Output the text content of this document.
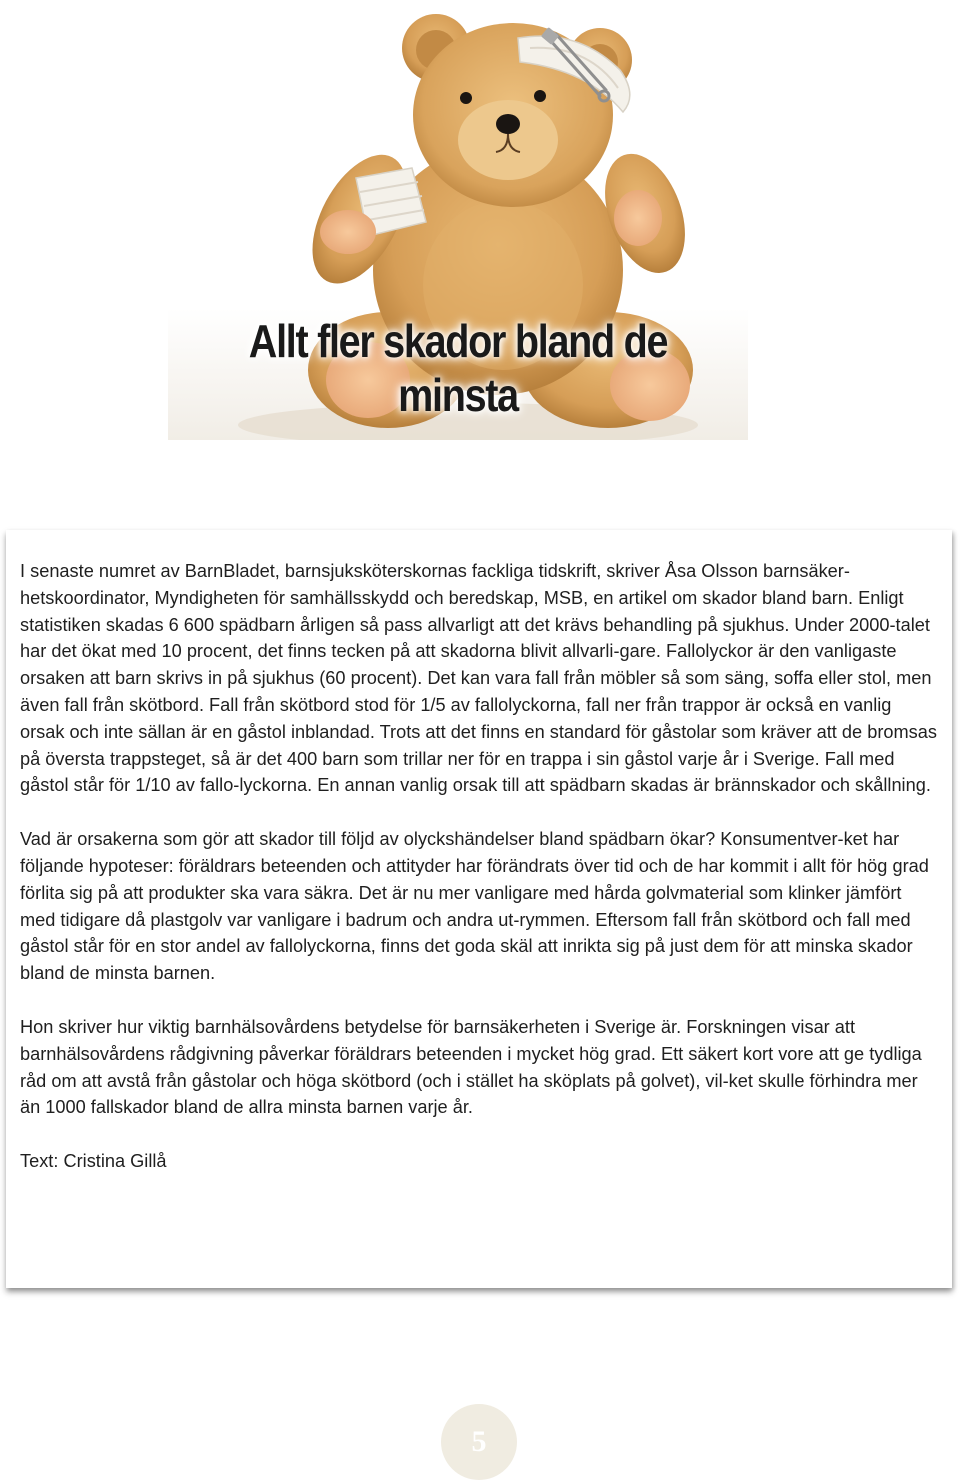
Allt fler skador bland de minsta

I senaste numret av BarnBladet, barnsjuksköterskornas fackliga tidskrift, skriver Åsa Olsson barnsäker-hetskoordinator, Myndigheten för samhällsskydd och beredskap, MSB, en artikel om skador bland barn. Enligt statistiken skadas 6 600 spädbarn årligen så pass allvarligt att det krävs behandling på sjukhus. Under 2000-talet har det ökat med 10 procent, det finns tecken på att skadorna blivit allvarli-gare. Fallolyckor är den vanligaste orsaken att barn skrivs in på sjukhus (60 procent). Det kan vara fall från möbler så som säng, soffa eller stol, men även fall från skötbord. Fall från skötbord stod för 1/5 av fallolyckorna, fall ner från trappor är också en vanlig orsak och inte sällan är en gåstol inblandad. Trots att det finns en standard för gåstolar som kräver att de bromsas på översta trappsteget, så är det 400 barn som trillar ner för en trappa i sin gåstol varje år i Sverige. Fall med gåstol står för 1/10 av fallo-lyckorna. En annan vanlig orsak till att spädbarn skadas är brännskador och skållning.

Vad är orsakerna som gör att skador till följd av olyckshändelser bland spädbarn ökar? Konsumentver-ket har följande hypoteser: föräldrars beteenden och attityder har förändrats över tid och de har kommit i allt för hög grad förlita sig på att produkter ska vara säkra. Det är nu mer vanligare med hårda golvmaterial som klinker jämfört med tidigare då plastgolv var vanligare i badrum och andra ut-rymmen. Eftersom fall från skötbord och fall med gåstol står för en stor andel av fallolyckorna, finns det goda skäl att inrikta sig på just dem för att minska skador bland de minsta barnen.

Hon skriver hur viktig barnhälsovårdens betydelse för barnsäkerheten i Sverige är. Forskningen visar att barnhälsovårdens rådgivning påverkar föräldrars beteenden i mycket hög grad. Ett säkert kort vore att ge tydliga råd om att avstå från gåstolar och höga skötbord (och i stället ha sköplats på golvet), vil-ket skulle förhindra mer än 1000 fallskador bland de allra minsta barnen varje år.

Text: Cristina Gillå

5
